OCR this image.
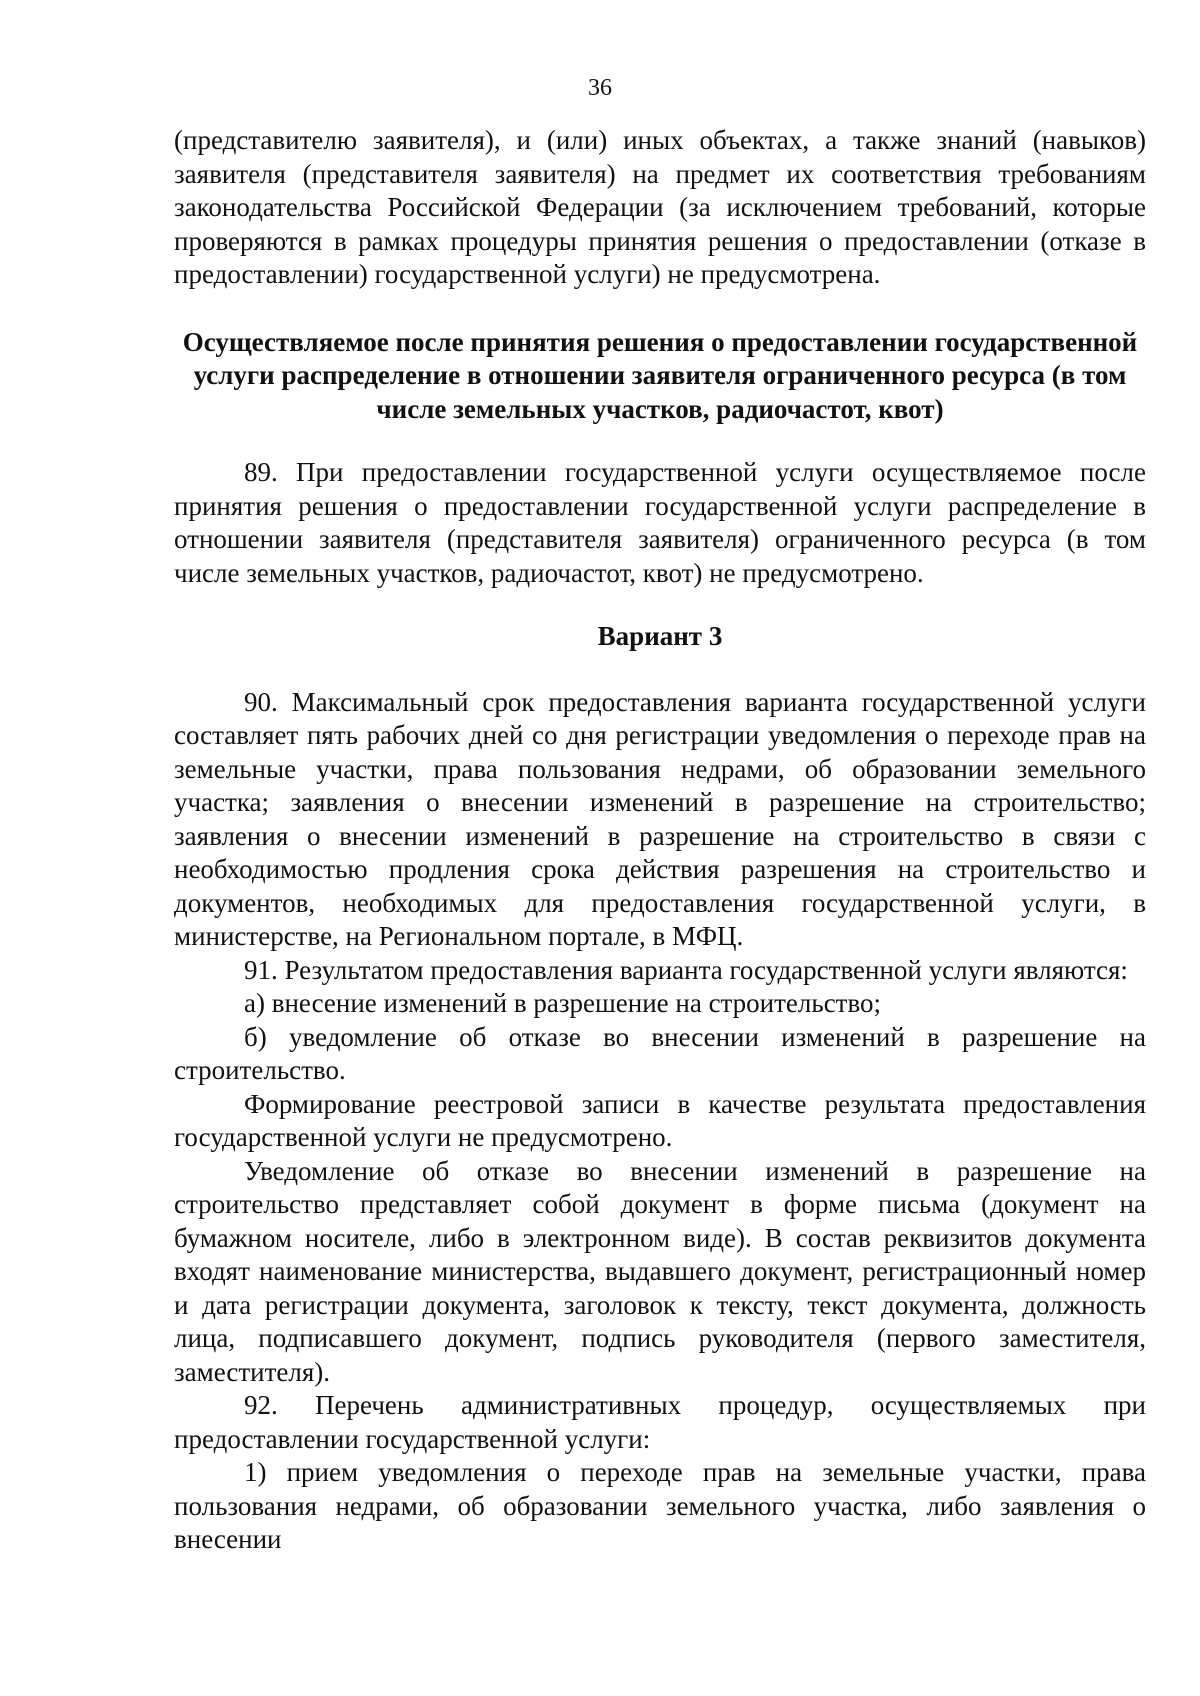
36

(представителю заявителя), и (или) иных объектах, а также знаний (навыков) заявителя (представителя заявителя) на предмет их соответствия требованиям законодательства Российской Федерации (за исключением требований, которые проверяются в рамках процедуры принятия решения о предоставлении (отказе в предоставлении) государственной услуги) не предусмотрена.

Осуществляемое после принятия решения о предоставлении государственной услуги распределение в отношении заявителя ограниченного ресурса (в том числе земельных участков, радиочастот, квот)

89. При предоставлении государственной услуги осуществляемое после принятия решения о предоставлении государственной услуги распределение в отношении заявителя (представителя заявителя) ограниченного ресурса (в том числе земельных участков, радиочастот, квот) не предусмотрено.

Вариант 3

90. Максимальный срок предоставления варианта государственной услуги составляет пять рабочих дней со дня регистрации уведомления о переходе прав на земельные участки, права пользования недрами, об образовании земельного участка; заявления о внесении изменений в разрешение на строительство; заявления о внесении изменений в разрешение на строительство в связи с необходимостью продления срока действия разрешения на строительство и документов, необходимых для предоставления государственной услуги, в министерстве, на Региональном портале, в МФЦ.

91. Результатом предоставления варианта государственной услуги являются:

а) внесение изменений в разрешение на строительство;

б) уведомление об отказе во внесении изменений в разрешение на строительство.

Формирование реестровой записи в качестве результата предоставления государственной услуги не предусмотрено.

Уведомление об отказе во внесении изменений в разрешение на строительство представляет собой документ в форме письма (документ на бумажном носителе, либо в электронном виде). В состав реквизитов документа входят наименование министерства, выдавшего документ, регистрационный номер и дата регистрации документа, заголовок к тексту, текст документа, должность лица, подписавшего документ, подпись руководителя (первого заместителя, заместителя).

92. Перечень административных процедур, осуществляемых при предоставлении государственной услуги:

1) прием уведомления о переходе прав на земельные участки, права пользования недрами, об образовании земельного участка, либо заявления о внесении
